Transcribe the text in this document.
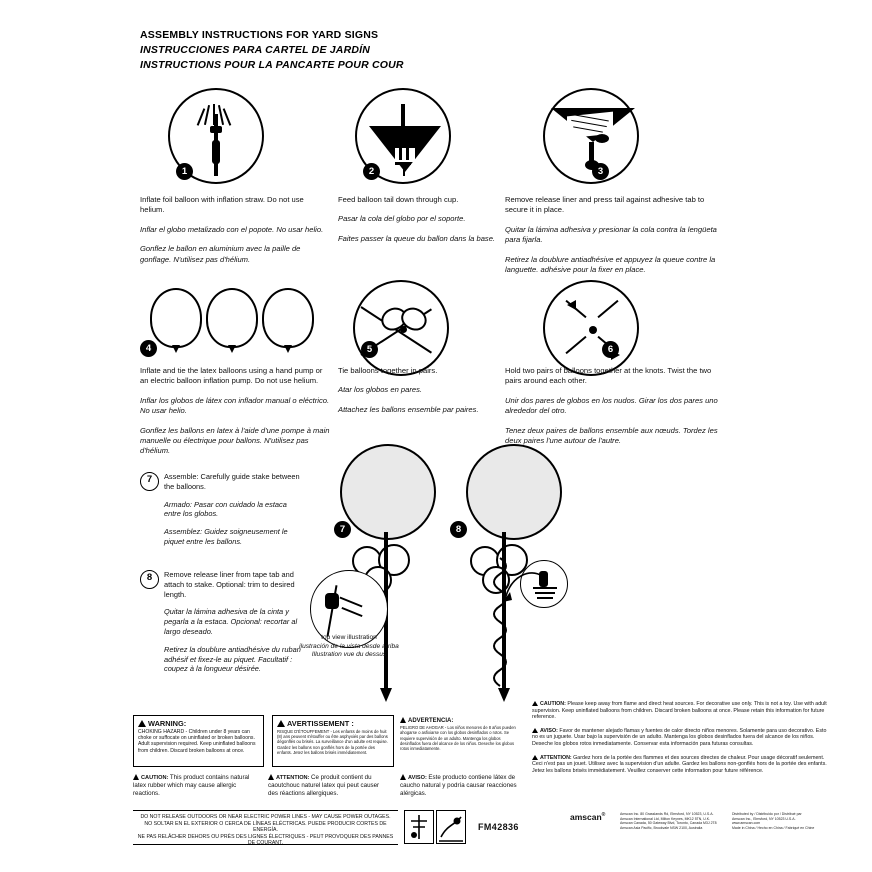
ASSEMBLY INSTRUCTIONS FOR YARD SIGNS
INSTRUCCIONES PARA CARTEL DE JARDÍN
INSTRUCTIONS POUR LA PANCARTE POUR COUR
1

Inflate foil balloon with inflation straw. Do not use helium.

Inflar el globo metalizado con el popote. No usar helio.

Gonflez le ballon en aluminium avec la paille de gonflage. N'utilisez pas d'hélium.

2

Feed balloon tail down through cup.

Pasar la cola del globo por el soporte.

Faites passer la queue du ballon dans la base.

3

Remove release liner and press tail against adhesive tab to secure it in place.

Quitar la lámina adhesiva y presionar la cola contra la lengüeta para fijarla.

Retirez la doublure antiadhésive et appuyez la queue contre la languette. adhésive pour la fixer en place.

4

Inflate and tie the latex balloons using a hand pump or an electric balloon inflation pump. Do not use helium.

Inflar los globos de látex con inflador manual o eléctrico. No usar helio.

Gonflez les ballons en latex à l'aide d'une pompe à main manuelle ou électrique pour ballons. N'utilisez pas d'hélium.

5

Tie balloons together in pairs.

Atar los globos en pares.

Attachez les ballons ensemble par paires.

6

Hold two pairs of balloons together at the knots. Twist the two pairs around each other.

Unir dos pares de globos en los nudos. Girar los dos pares uno alrededor del otro.

Tenez deux paires de ballons ensemble aux nœuds. Tordez les deux paires l'une autour de l'autre.

7	Assemble: Carefully guide stake between the balloons.

Armado: Pasar con cuidado la estaca entre los globos.

Assemblez: Guidez soigneusement le piquet entre les ballons.

8	Remove release liner from tape tab and attach to stake. Optional: trim to desired length.

Quitar la lámina adhesiva de la cinta y pegarla a la estaca. Opcional: recortar al largo deseado.

Retirez la doublure antiadhésive du ruban adhésif et fixez-le au piquet. Facultatif : coupez à la longueur désirée.

7	8
top view illustration
ilustración de la vista desde arriba
Illustration vue du dessus
WARNING:
CHOKING HAZARD - Children under 8 years can choke or suffocate on uninflated or broken balloons. Adult supervision required. Keep uninflated balloons from children. Discard broken balloons at once.
AVERTISSEMENT :
RISQUE D'ÉTOUFFEMENT - Les enfants de moins de huit (8) ans peuvent s'étouffer ou être asphyxiés par des ballons dégonflés ou brisés. La surveillance d'un adulte est requise. Gardez les ballons non gonflés hors de la portée des enfants. Jetez les ballons brisés immédiatement.
ADVERTENCIA:
PELIGRO DE AHOGAR - Los niños menores de 8 años pueden ahogarse o asfixiarse con los globos desinflados o rotos. Se requiere supervisión de un adulto. Mantenga los globos desinflados fuera del alcance de los niños. Deseche los globos rotos inmediatamente.
CAUTION: This product contains natural latex rubber which may cause allergic reactions.
ATTENTION: Ce produit contient du caoutchouc naturel latex qui peut causer des réactions allergiques.
AVISO: Este producto contiene látex de caucho natural y podría causar reacciones alérgicas.
DO NOT RELEASE OUTDOORS OR NEAR ELECTRIC POWER LINES - MAY CAUSE POWER OUTAGES.
NO SOLTAR EN EL EXTERIOR O CERCA DE LÍNEAS ELÉCTRICAS. PUEDE PRODUCIR CORTES DE ENERGÍA.
NE PAS RELÂCHER DEHORS OU PRÈS DES LIGNES ÉLECTRIQUES - PEUT PROVOQUER DES PANNES DE COURANT.
FM42836

CAUTION: Please keep away from flame and direct heat sources. For decorative use only. This is not a toy. Use with adult supervision. Keep uninflated balloons from children. Discard broken balloons at once. Please retain this information for future reference.

AVISO: Favor de mantener alejado flamas y fuentes de calor directo niños menores. Solamente para uso decorativo. Esto no es un juguete. Usar bajo la supervisión de un adulto. Mantenga los globos desinflados fuera del alcance de los niños. Deseche los globos rotos inmediatamente. Conservar esta información para futuras consultas.

ATTENTION: Gardez hors de la portée des flammes et des sources directes de chaleur. Pour usage décoratif seulement. Ceci n'est pas un jouet. Utilisez avec la supervision d'un adulte. Gardez les ballons non-gonflés hors de la portée des enfants. Jetez les ballons brisés immédiatement. Veuillez conserver cette information pour future référence.

amscan®	Amscan Inc. 80 Grasslands Rd, Elmsford, NY 10523, U.S.A.
Amscan International Ltd, Milton Keynes, MK12 5TN, U.K.
Amscan Canada, 50 Gateway Blvd, Toronto, Canada M3J 2T8
Amscan Asia Pacific, Brookvale NSW 2100, Australia
Distributed by / Distribuido por / Distribué par
Amscan Inc., Elmsford, NY 10523 U.S.A.
www.amscan.com
Made in China / Hecho en China / Fabriqué en Chine
